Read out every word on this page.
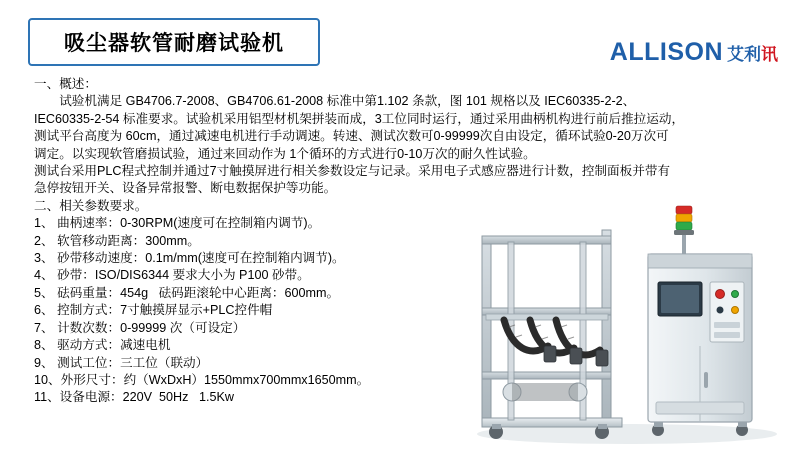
吸尘器软管耐磨试验机	ALLISON 艾利讯

一、概述：

试验机满足 GB4706.7-2008、GB4706.61-2008 标准中第1.102 条款，图 101 规格以及 IEC60335-2-2、

IEC60335-2-54 标准要求。试验机采用铝型材机架拼装而成，3工位同时运行，通过采用曲柄机构进行前后推拉运动，

测试平台高度为 60cm，通过减速电机进行手动调速。转速、测试次数可0-99999次自由设定，循环试验0-20万次可

调定。以实现软管磨损试验，通过来回动作为 1个循环的方式进行0-10万次的耐久性试验。

测试台采用PLC程式控制并通过7寸触摸屏进行相关参数设定与记录。采用电子式感应器进行计数，控制面板并带有

急停按钮开关、设备异常报警、断电数据保护等功能。

二、相关参数要求。

1、 曲柄速率：0-30RPM(速度可在控制箱内调节)。

2、 软管移动距离：300mm。

3、 砂带移动速度：0.1m/mm(速度可在控制箱内调节)。

4、 砂带：ISO/DIS6344 要求大小为 P100 砂带。

5、 砝码重量：454g   砝码距滚轮中心距离：600mm。

6、 控制方式：7寸触摸屏显示+PLC控件帽

7、 计数次数：0-99999 次（可设定）

8、 驱动方式：减速电机

9、 测试工位：三工位（联动）

10、外形尺寸：约（WxDxH）1550mmx700mmx1650mm。

11、设备电源：220V  50Hz   1.5Kw
